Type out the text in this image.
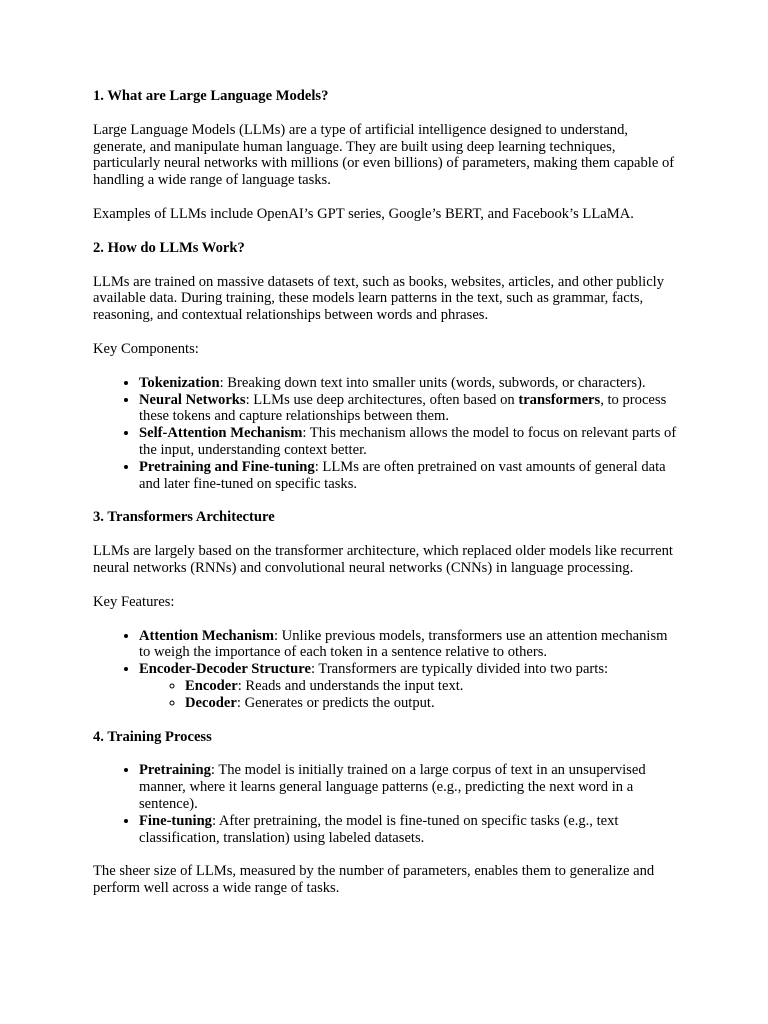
1. What are Large Language Models?

Large Language Models (LLMs) are a type of artificial intelligence designed to understand, generate, and manipulate human language. They are built using deep learning techniques, particularly neural networks with millions (or even billions) of parameters, making them capable of handling a wide range of language tasks.

Examples of LLMs include OpenAI’s GPT series, Google’s BERT, and Facebook’s LLaMA.

2. How do LLMs Work?

LLMs are trained on massive datasets of text, such as books, websites, articles, and other publicly available data. During training, these models learn patterns in the text, such as grammar, facts, reasoning, and contextual relationships between words and phrases.

Key Components:

• Tokenization: Breaking down text into smaller units (words, subwords, or characters).
• Neural Networks: LLMs use deep architectures, often based on transformers, to process these tokens and capture relationships between them.
• Self-Attention Mechanism: This mechanism allows the model to focus on relevant parts of the input, understanding context better.
• Pretraining and Fine-tuning: LLMs are often pretrained on vast amounts of general data and later fine-tuned on specific tasks.
3. Transformers Architecture

LLMs are largely based on the transformer architecture, which replaced older models like recurrent neural networks (RNNs) and convolutional neural networks (CNNs) in language processing.

Key Features:

• Attention Mechanism: Unlike previous models, transformers use an attention mechanism to weigh the importance of each token in a sentence relative to others.
• Encoder-Decoder Structure: Transformers are typically divided into two parts:
◦ Encoder: Reads and understands the input text.
◦ Decoder: Generates or predicts the output.
4. Training Process
• Pretraining: The model is initially trained on a large corpus of text in an unsupervised manner, where it learns general language patterns (e.g., predicting the next word in a sentence).
• Fine-tuning: After pretraining, the model is fine-tuned on specific tasks (e.g., text classification, translation) using labeled datasets.

The sheer size of LLMs, measured by the number of parameters, enables them to generalize and perform well across a wide range of tasks.
